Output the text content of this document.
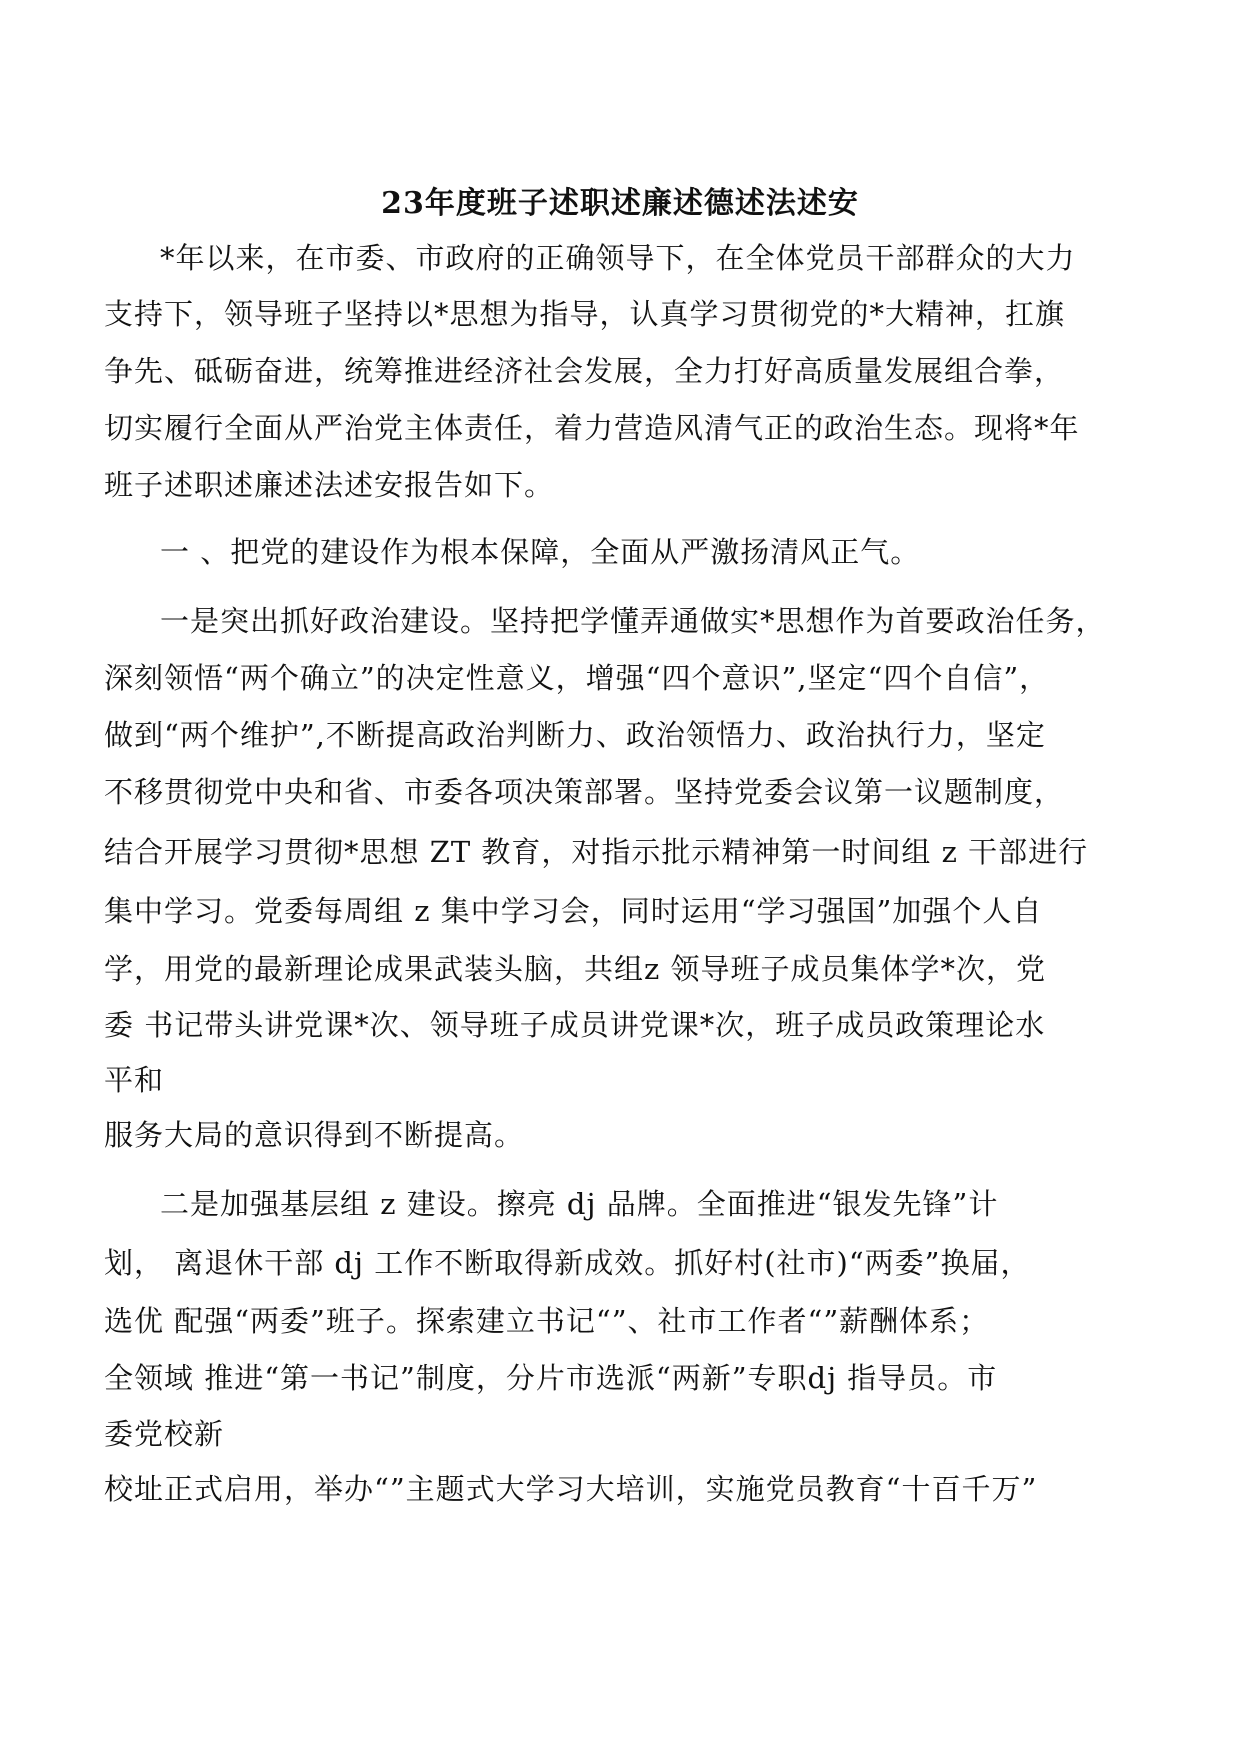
23年度班子述职述廉述德述法述安
*年以来，在市委、市政府的正确领导下，在全体党员干部群众的大力
支持下，领导班子坚持以*思想为指导，认真学习贯彻党的*大精神，扛旗
争先、砥砺奋进，统筹推进经济社会发展，全力打好高质量发展组合拳，
切实履行全面从严治党主体责任，着力营造风清气正的政治生态。现将*年
班子述职述廉述法述安报告如下。
一 、把党的建设作为根本保障，全面从严激扬清风正气。
一是突出抓好政治建设。坚持把学懂弄通做实*思想作为首要政治任务，
深刻领悟“两个确立”的决定性意义，增强“四个意识”,坚定“四个自信”，
做到“两个维护”,不断提高政治判断力、政治领悟力、政治执行力，坚定
不移贯彻党中央和省、市委各项决策部署。坚持党委会议第一议题制度，
结合开展学习贯彻*思想 ZT 教育，对指示批示精神第一时间组 z 干部进行
集中学习。党委每周组 z 集中学习会，同时运用“学习强国”加强个人自
学，用党的最新理论成果武装头脑，共组z 领导班子成员集体学*次，党
委 书记带头讲党课*次、领导班子成员讲党课*次，班子成员政策理论水
平和
服务大局的意识得到不断提高。
二是加强基层组 z 建设。擦亮 dj 品牌。全面推进“银发先锋”计
划， 离退休干部 dj 工作不断取得新成效。抓好村(社市)“两委”换届，
选优 配强“两委”班子。探索建立书记“”、社市工作者“”薪酬体系；
全领域 推进“第一书记”制度，分片市选派“两新”专职dj 指导员。市
委党校新
校址正式启用，举办“”主题式大学习大培训，实施党员教育“十百千万”
